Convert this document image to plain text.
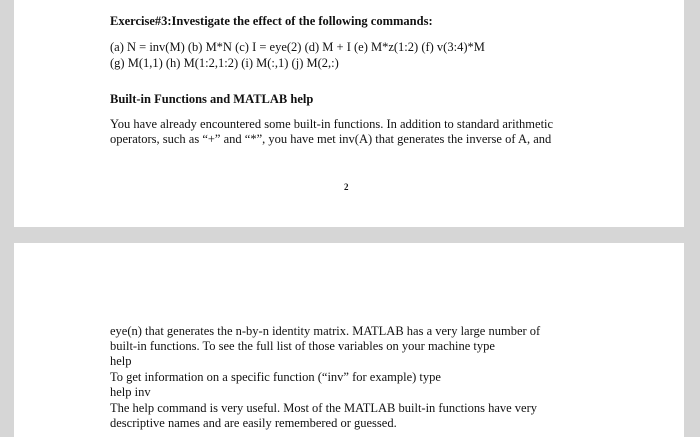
Exercise#3:Investigate the effect of the following commands:
(a) N = inv(M) (b) M*N (c) I = eye(2) (d) M + I (e) M*z(1:2) (f) v(3:4)*M
(g) M(1,1) (h) M(1:2,1:2) (i) M(:,1) (j) M(2,:)
Built-in Functions and MATLAB help
You have already encountered some built-in functions. In addition to standard arithmetic
operators, such as “+” and “*”, you have met inv(A) that generates the inverse of A, and
2
eye(n) that generates the n-by-n identity matrix. MATLAB has a very large number of
built-in functions. To see the full list of those variables on your machine type
help
To get information on a specific function (“inv” for example) type
help inv
The help command is very useful. Most of the MATLAB built-in functions have very
descriptive names and are easily remembered or guessed.
